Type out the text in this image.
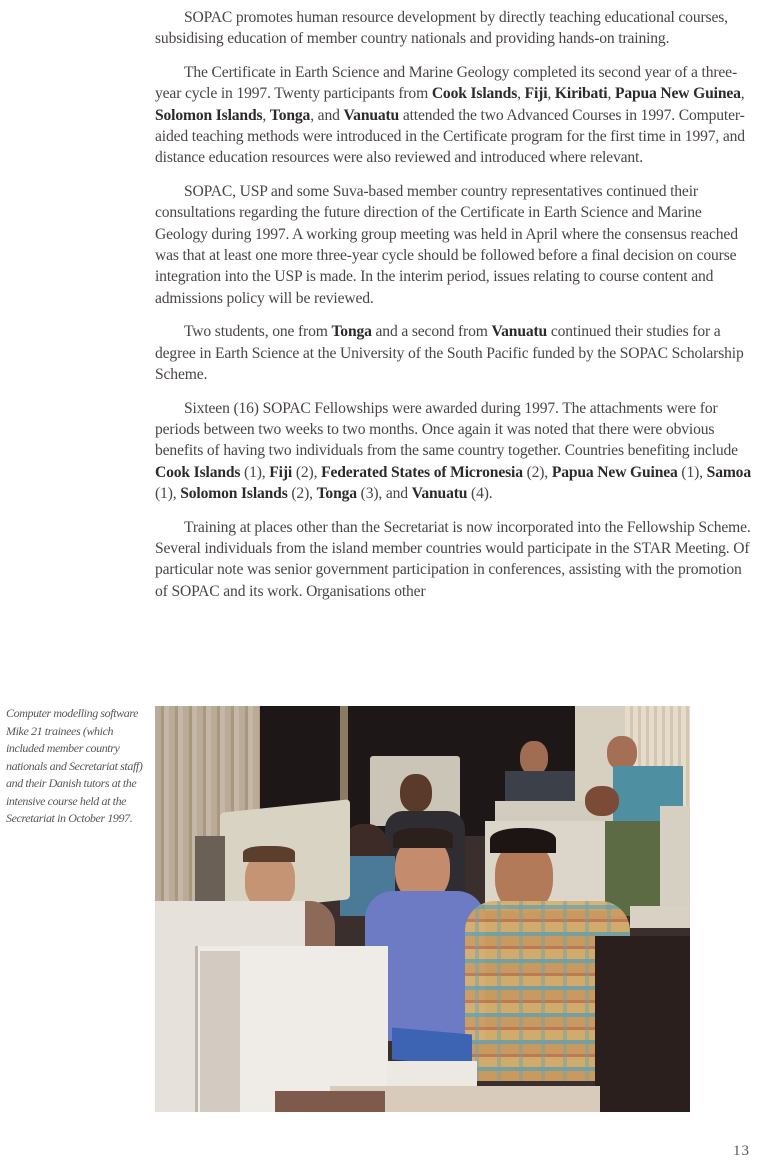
SOPAC promotes human resource development by directly teaching educational courses, subsidising education of member country nationals and providing hands-on training.

The Certificate in Earth Science and Marine Geology completed its second year of a three-year cycle in 1997. Twenty participants from Cook Islands, Fiji, Kiribati, Papua New Guinea, Solomon Islands, Tonga, and Vanuatu attended the two Advanced Courses in 1997. Computer-aided teaching methods were introduced in the Certificate program for the first time in 1997, and distance education resources were also reviewed and introduced where relevant.

SOPAC, USP and some Suva-based member country representatives continued their consultations regarding the future direction of the Certificate in Earth Science and Marine Geology during 1997. A working group meeting was held in April where the consensus reached was that at least one more three-year cycle should be followed before a final decision on course integration into the USP is made. In the interim period, issues relating to course content and admissions policy will be reviewed.

Two students, one from Tonga and a second from Vanuatu continued their studies for a degree in Earth Science at the University of the South Pacific funded by the SOPAC Scholarship Scheme.

Sixteen (16) SOPAC Fellowships were awarded during 1997. The attachments were for periods between two weeks to two months. Once again it was noted that there were obvious benefits of having two individuals from the same country together. Countries benefiting include Cook Islands (1), Fiji (2), Federated States of Micronesia (2), Papua New Guinea (1), Samoa (1), Solomon Islands (2), Tonga (3), and Vanuatu (4).

Training at places other than the Secretariat is now incorporated into the Fellowship Scheme. Several individuals from the island member countries would participate in the STAR Meeting. Of particular note was senior government participation in conferences, assisting with the promotion of SOPAC and its work. Organisations other

Computer modelling software Mike 21 trainees (which included member country nationals and Secretariat staff) and their Danish tutors at the intensive course held at the Secretariat in October 1997.
13
